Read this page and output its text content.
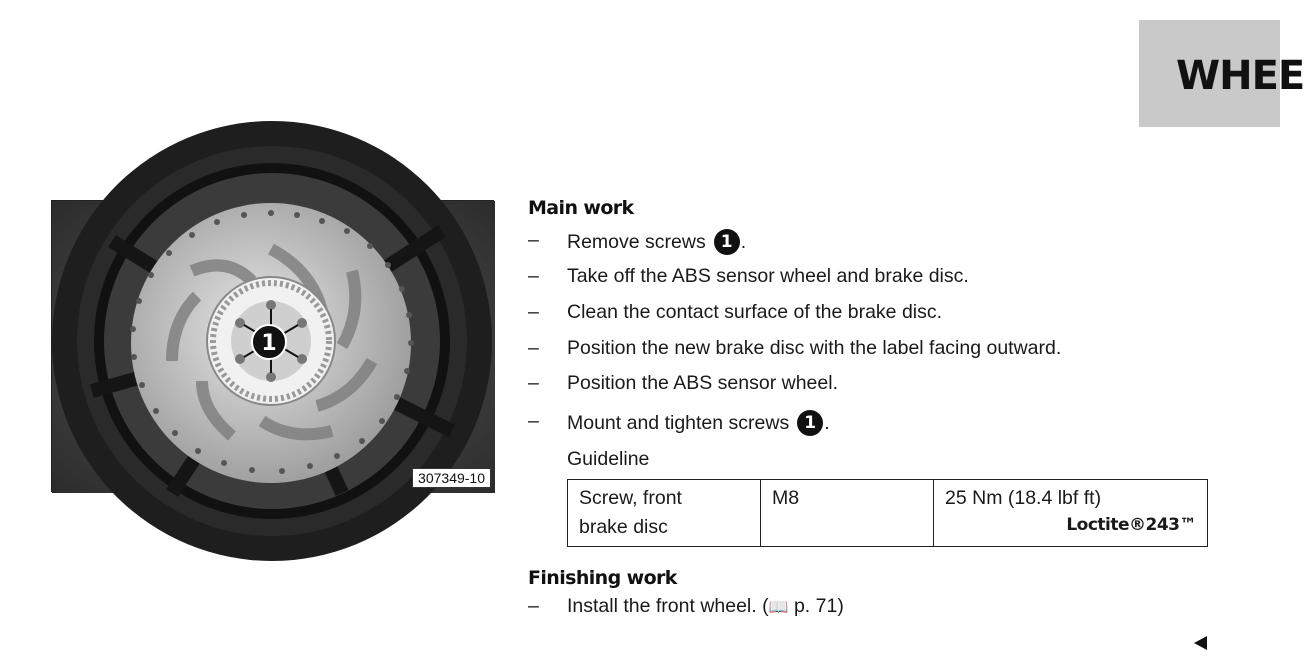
WHEE
1
307349-10
Main work
– Remove screws 1 .
– Take off the ABS sensor wheel and brake disc.
– Clean the contact surface of the brake disc.
– Position the new brake disc with the label facing outward.
– Position the ABS sensor wheel.
– Mount and tighten screws 1 .
Guideline
Screw, front
brake disc	M8	25 Nm (18.4 lbf ft)
Loctite®243™
Finishing work
– Install the front wheel. (📖 p. 71)
